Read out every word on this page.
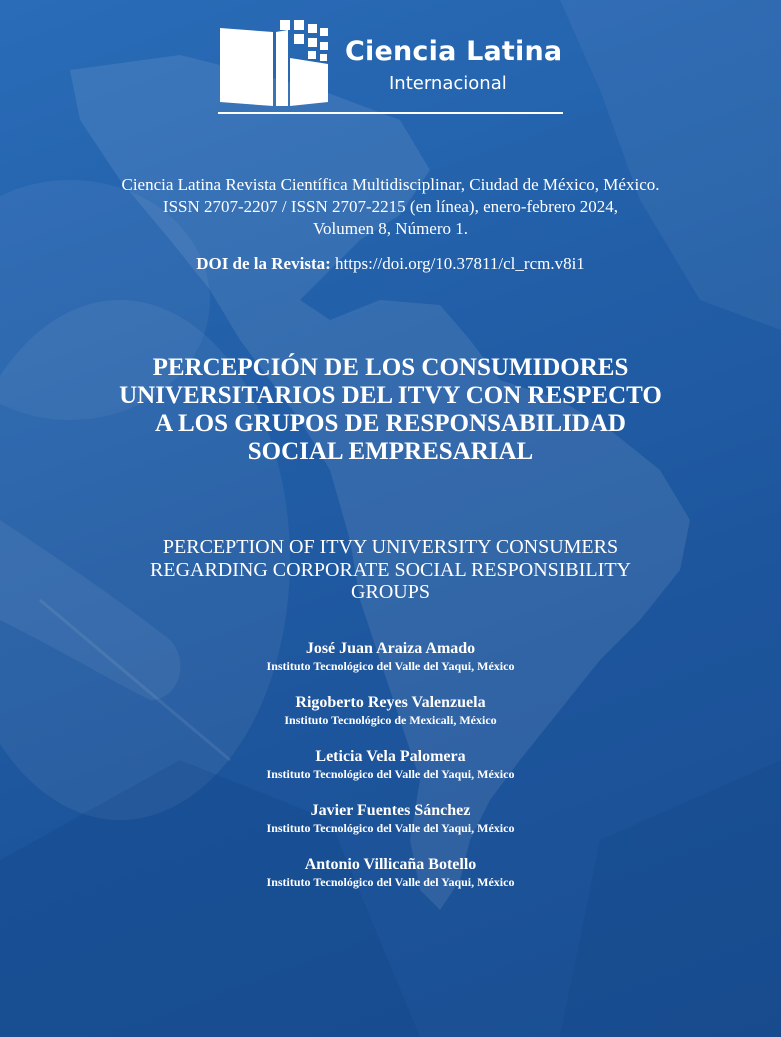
Ciencia Latina
Internacional
Ciencia Latina Revista Científica Multidisciplinar, Ciudad de México, México.
ISSN 2707-2207 / ISSN 2707-2215 (en línea), enero-febrero 2024,
Volumen 8, Número 1.
DOI de la Revista: https://doi.org/10.37811/cl_rcm.v8i1
PERCEPCIÓN DE LOS CONSUMIDORES
UNIVERSITARIOS DEL ITVY CON RESPECTO
A LOS GRUPOS DE RESPONSABILIDAD
SOCIAL EMPRESARIAL
PERCEPTION OF ITVY UNIVERSITY CONSUMERS
REGARDING CORPORATE SOCIAL RESPONSIBILITY
GROUPS
José Juan Araiza Amado
Instituto Tecnológico del Valle del Yaqui, México
Rigoberto Reyes Valenzuela
Instituto Tecnológico de Mexicali, México
Leticia Vela Palomera
Instituto Tecnológico del Valle del Yaqui, México
Javier Fuentes Sánchez
Instituto Tecnológico del Valle del Yaqui, México
Antonio Villicaña Botello
Instituto Tecnológico del Valle del Yaqui, México
